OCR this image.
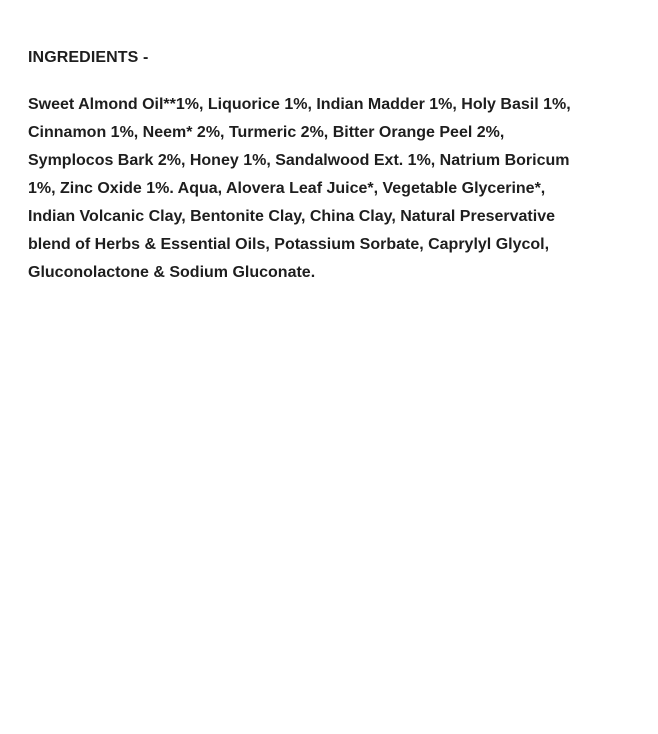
INGREDIENTS -
Sweet Almond Oil**1%, Liquorice 1%, Indian Madder 1%, Holy Basil 1%,
Cinnamon 1%, Neem* 2%, Turmeric 2%, Bitter Orange Peel 2%,
Symplocos Bark 2%, Honey 1%, Sandalwood Ext. 1%, Natrium Boricum
1%, Zinc Oxide 1%. Aqua, Alovera Leaf Juice*, Vegetable Glycerine*,
Indian Volcanic Clay, Bentonite Clay, China Clay, Natural Preservative
blend of Herbs & Essential Oils, Potassium Sorbate, Caprylyl Glycol,
Gluconolactone & Sodium Gluconate.
